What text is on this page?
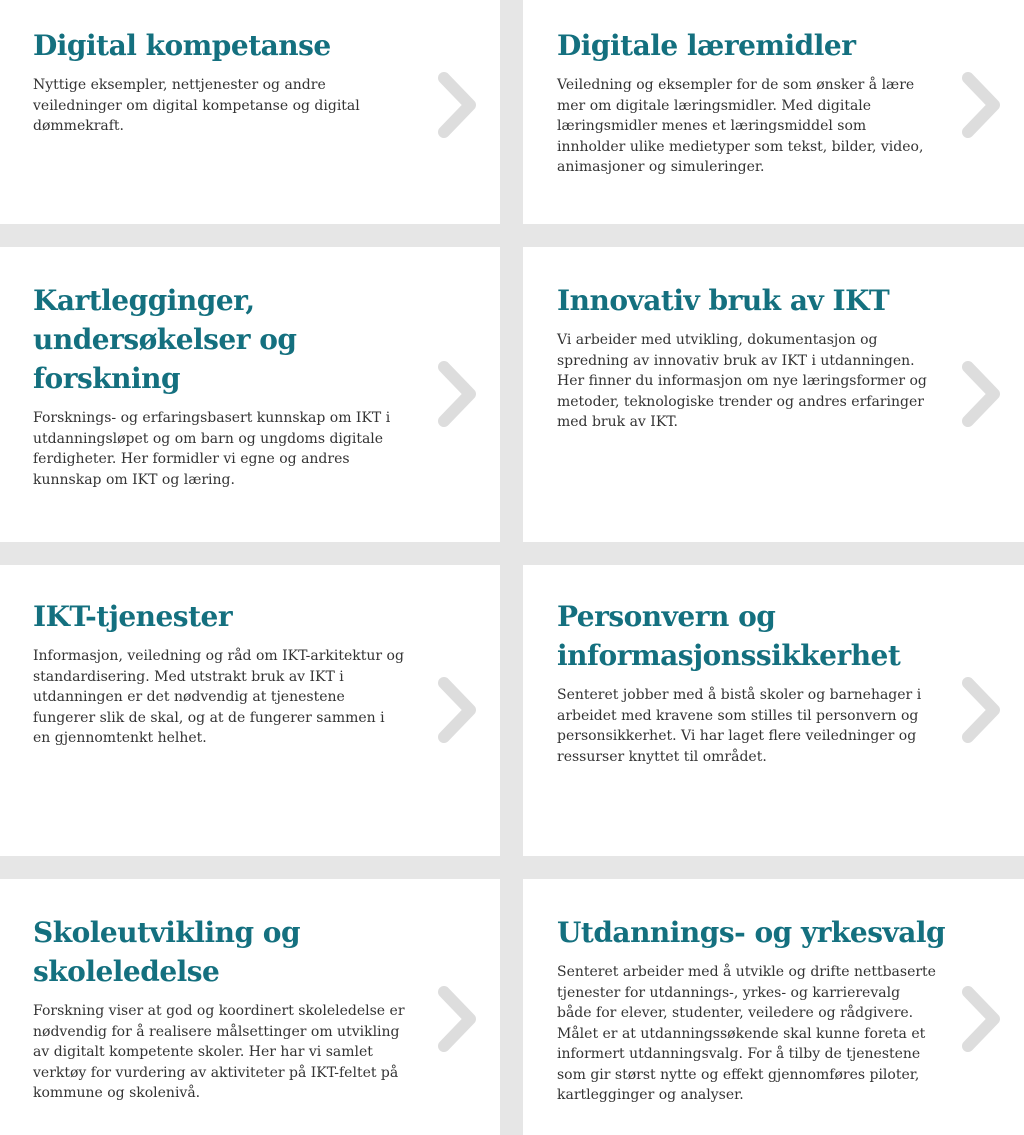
Digital kompetanse

Nyttige eksempler, nettjenester og andre veiledninger om digital kompetanse og digital dømmekraft.

Digitale læremidler

Veiledning og eksempler for de som ønsker å lære mer om digitale læringsmidler. Med digitale læringsmidler menes et læringsmiddel som innholder ulike medietyper som tekst, bilder, video, animasjoner og simuleringer.

Kartlegginger, undersøkelser og forskning

Forsknings- og erfaringsbasert kunnskap om IKT i utdanningsløpet og om barn og ungdoms digitale ferdigheter. Her formidler vi egne og andres kunnskap om IKT og læring.

Innovativ bruk av IKT

Vi arbeider med utvikling, dokumentasjon og spredning av innovativ bruk av IKT i utdanningen. Her finner du informasjon om nye læringsformer og metoder, teknologiske trender og andres erfaringer med bruk av IKT.

IKT-tjenester

Informasjon, veiledning og råd om IKT-arkitektur og standardisering. Med utstrakt bruk av IKT i utdanningen er det nødvendig at tjenestene fungerer slik de skal, og at de fungerer sammen i en gjennomtenkt helhet.

Personvern og informasjonssikkerhet

Senteret jobber med å bistå skoler og barnehager i arbeidet med kravene som stilles til personvern og personsikkerhet. Vi har laget flere veiledninger og ressurser knyttet til området.

Skoleutvikling og skoleledelse

Forskning viser at god og koordinert skoleledelse er nødvendig for å realisere målsettinger om utvikling av digitalt kompetente skoler. Her har vi samlet verktøy for vurdering av aktiviteter på IKT-feltet på kommune og skolenivå.

Utdannings- og yrkesvalg

Senteret arbeider med å utvikle og drifte nettbaserte tjenester for utdannings-, yrkes- og karrierevalg både for elever, studenter, veiledere og rådgivere. Målet er at utdanningssøkende skal kunne foreta et informert utdanningsvalg. For å tilby de tjenestene som gir størst nytte og effekt gjennomføres piloter, kartlegginger og analyser.
